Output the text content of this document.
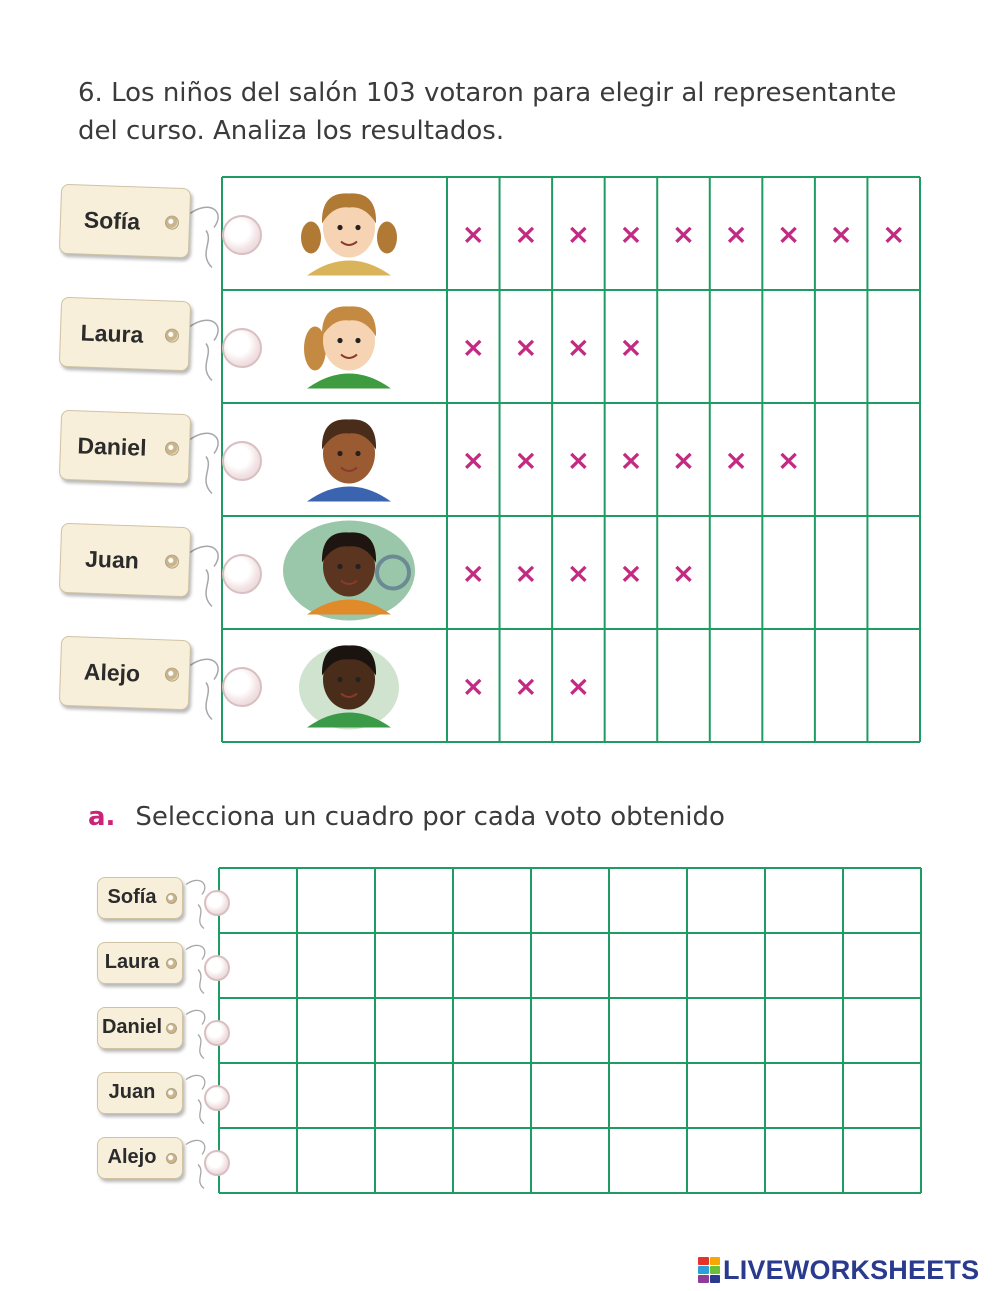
6. Los niños del salón 103 votaron para elegir al representante del curso. Analiza los resultados.

× × × × × × × × ×
× × × ×
× × × × × × ×
× × × × ×
× × ×
Sofía
Laura
Daniel
Juan
Alejo
a. Selecciona un cuadro por cada voto obtenido
Sofía
Laura
Daniel
Juan
Alejo
LIVEWORKSHEETS
